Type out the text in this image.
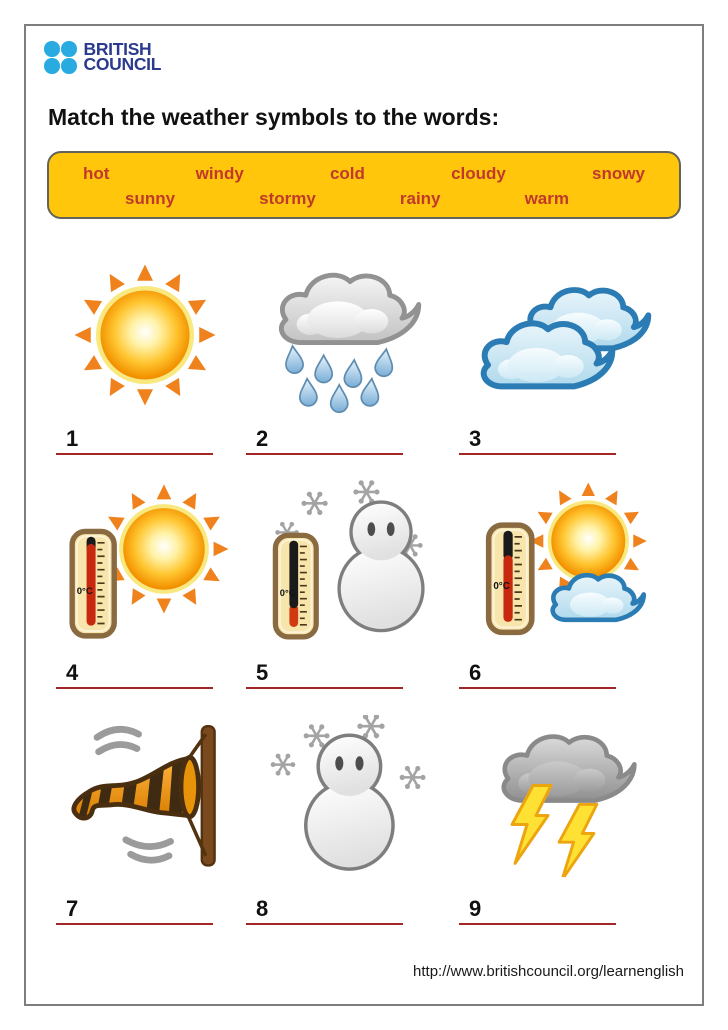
BRITISH
COUNCIL
Match the weather symbols to the words:
hot	windy	cold	cloudy	snowy
sunny	stormy	rainy	warm
1	2	3
4	5	6
7	8	9
http://www.britishcouncil.org/learnenglish
